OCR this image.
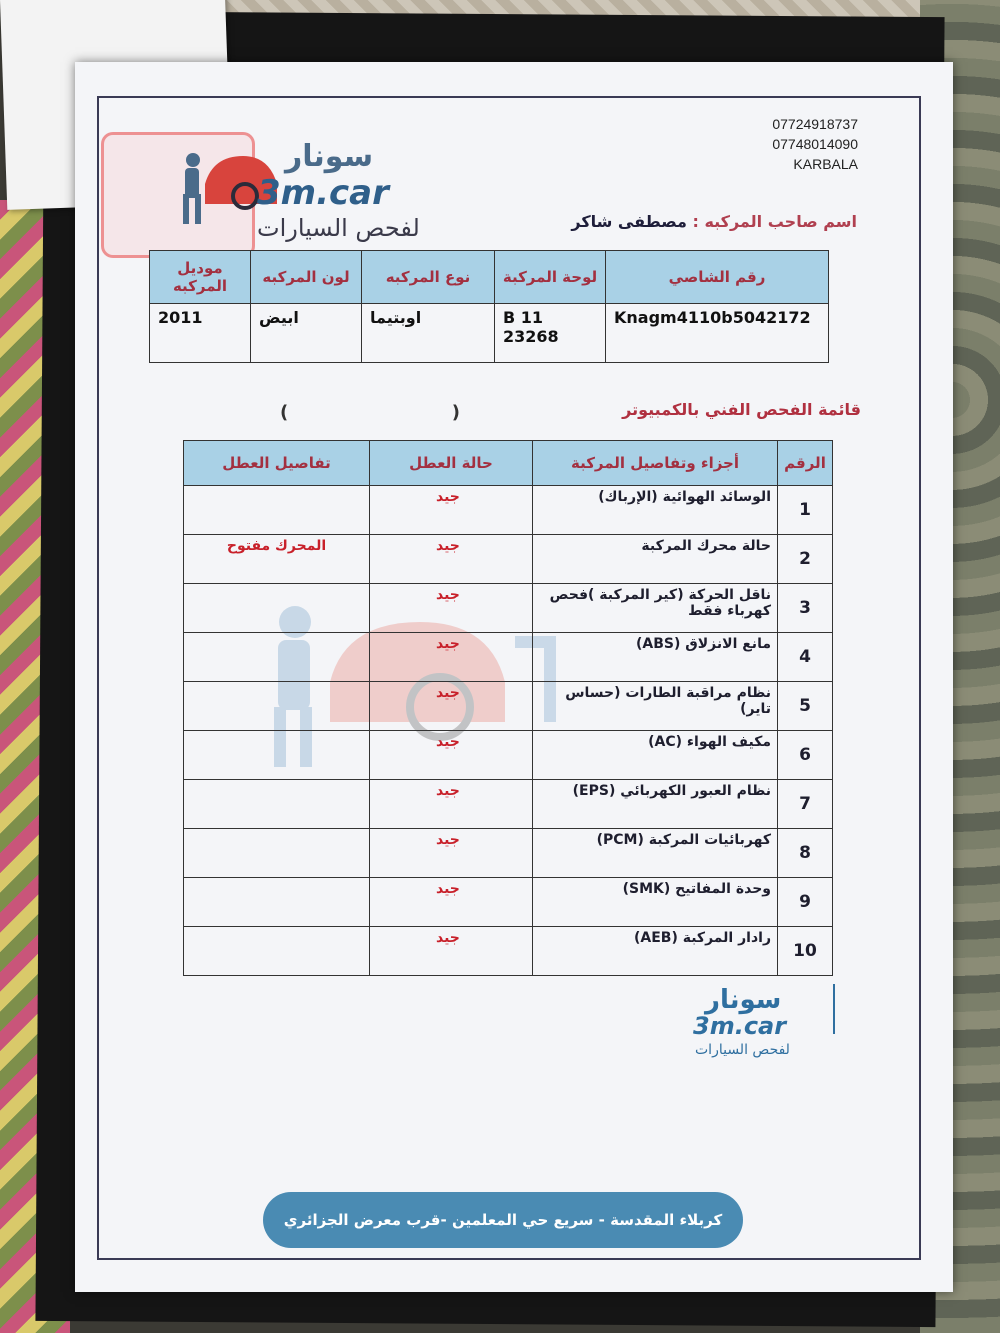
سونار
3m.car
لفحص السيارات
07724918737
07748014090
KARBALA
اسم صاحب المركبه : مصطفى شاكر
رقم الشاصي	لوحة المركبة	نوع المركبه	لون المركبه	موديل المركبه
Knagm4110b5042172	11 B 23268	اوبتيما	ابيض	2011
قائمة الفحص الفني بالكمبيوتر
(	)
الرقم	أجزاء وتفاصيل المركبة	حالة العطل	تفاصيل العطل
1	الوسائد الهوائية (الإرباك)	جيد	
2	حالة محرك المركبة	جيد	المحرك مفتوح
3	ناقل الحركة (كير المركبة )فحص كهرباء فقط	جيد	
4	مانع الانزلاق (ABS)	جيد	
5	نظام مراقبة الطارات (حساس تاير)	جيد	
6	مكيف الهواء (AC)	جيد	
7	نظام العبور الكهربائي (EPS)	جيد	
8	كهربائيات المركبة (PCM)	جيد	
9	وحدة المفاتيح (SMK)	جيد	
10	رادار المركبة (AEB)	جيد	
سونار
3m.car
لفحص السيارات
كربلاء المقدسة - سريع حي المعلمين -قرب معرض الجزائري
